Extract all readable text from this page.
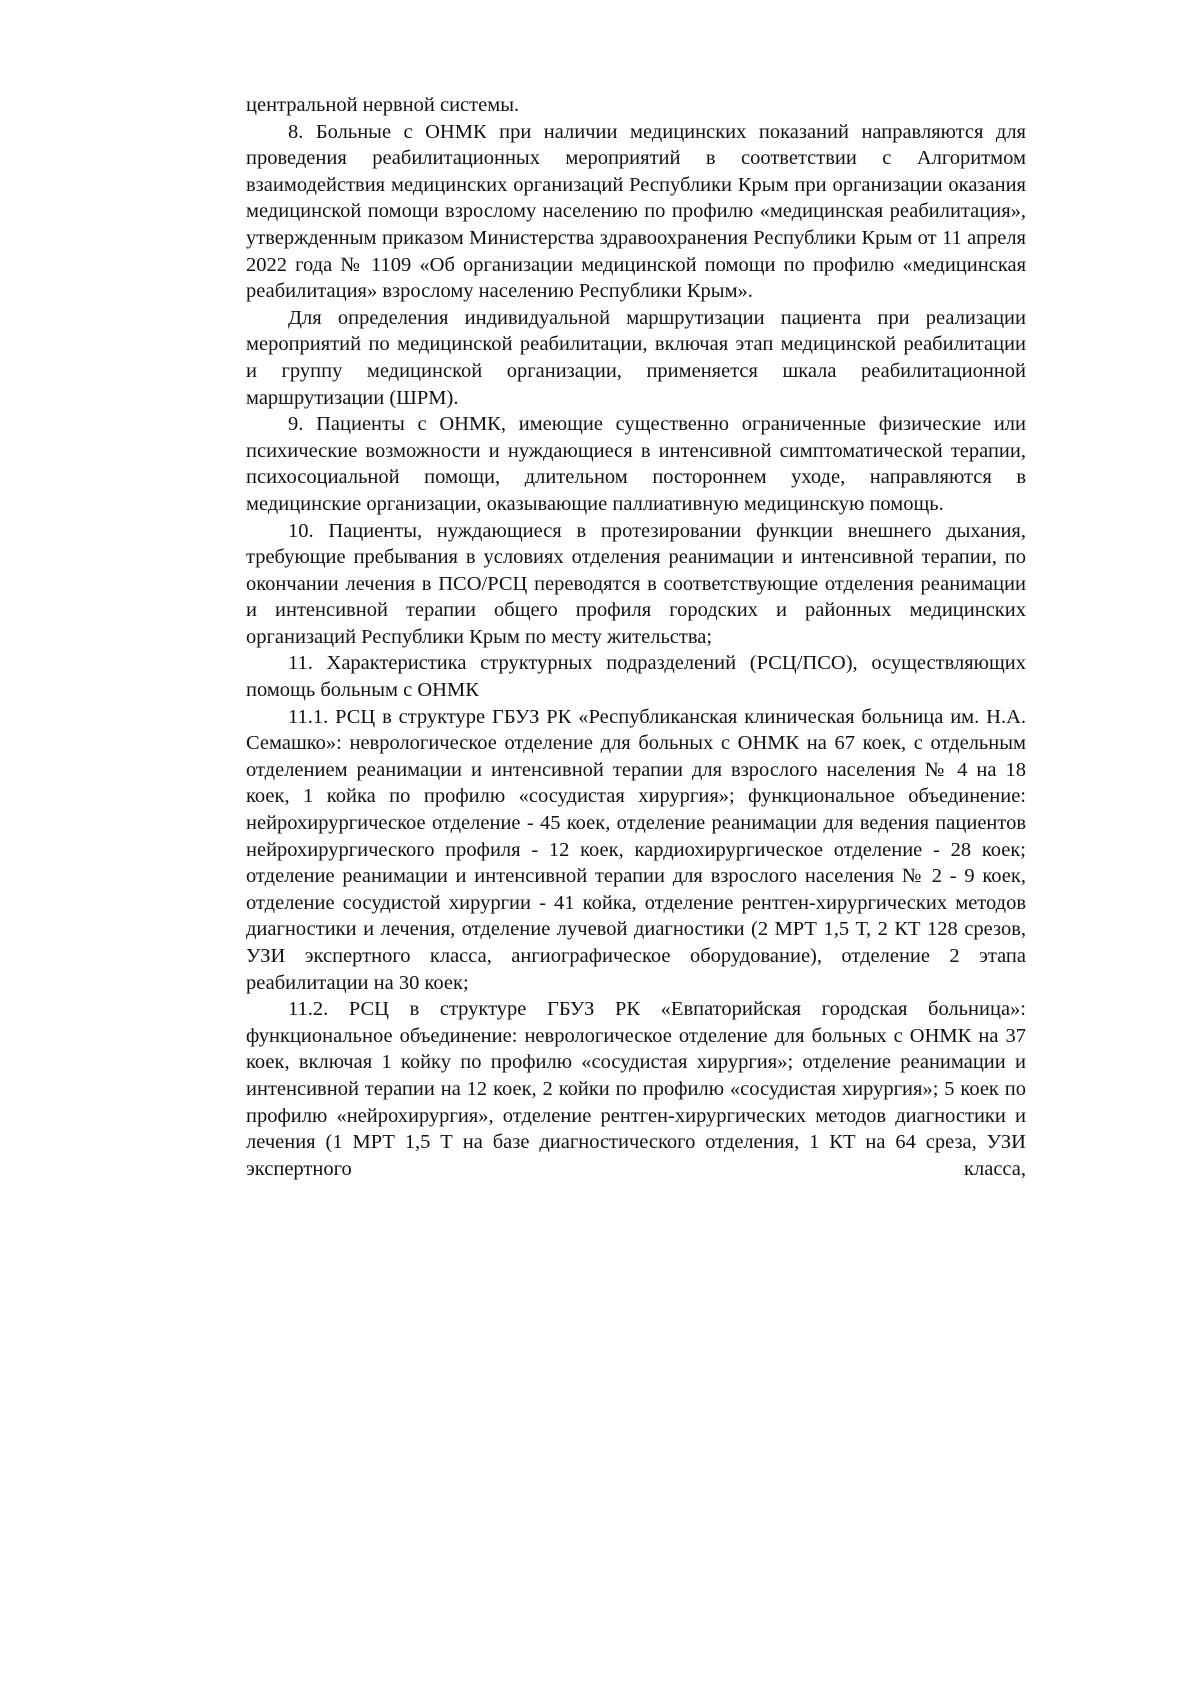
центральной нервной системы.

8. Больные с ОНМК при наличии медицинских показаний направляются для проведения реабилитационных мероприятий в соответствии с Алгоритмом взаимодействия медицинских организаций Республики Крым при организации оказания медицинской помощи взрослому населению по профилю «медицинская реабилитация», утвержденным приказом Министерства здравоохранения Республики Крым от 11 апреля 2022 года № 1109 «Об организации медицинской помощи по профилю «медицинская реабилитация» взрослому населению Республики Крым».

Для определения индивидуальной маршрутизации пациента при реализации мероприятий по медицинской реабилитации, включая этап медицинской реабилитации и группу медицинской организации, применяется шкала реабилитационной маршрутизации (ШРМ).

9. Пациенты с ОНМК, имеющие существенно ограниченные физические или психические возможности и нуждающиеся в интенсивной симптоматической терапии, психосоциальной помощи, длительном постороннем уходе, направляются в медицинские организации, оказывающие паллиативную медицинскую помощь.

10. Пациенты, нуждающиеся в протезировании функции внешнего дыхания, требующие пребывания в условиях отделения реанимации и интенсивной терапии, по окончании лечения в ПСО/РСЦ переводятся в соответствующие отделения реанимации и интенсивной терапии общего профиля городских и районных медицинских организаций Республики Крым по месту жительства;

11. Характеристика структурных подразделений (РСЦ/ПСО), осуществляющих помощь больным с ОНМК

11.1. РСЦ в структуре ГБУЗ РК «Республиканская клиническая больница им. Н.А. Семашко»: неврологическое отделение для больных с ОНМК на 67 коек, с отдельным отделением реанимации и интенсивной терапии для взрослого населения № 4 на 18 коек, 1 койка по профилю «сосудистая хирургия»; функциональное объединение: нейрохирургическое отделение - 45 коек, отделение реанимации для ведения пациентов нейрохирургического профиля - 12 коек, кардиохирургическое отделение - 28 коек; отделение реанимации и интенсивной терапии для взрослого населения № 2 - 9 коек, отделение сосудистой хирургии - 41 койка, отделение рентген-хирургических методов диагностики и лечения, отделение лучевой диагностики (2 МРТ 1,5 Т, 2 КТ 128 срезов, УЗИ экспертного класса, ангиографическое оборудование), отделение 2 этапа реабилитации на 30 коек;

11.2. РСЦ в структуре ГБУЗ РК «Евпаторийская городская больница»: функциональное объединение: неврологическое отделение для больных с ОНМК на 37 коек, включая 1 койку по профилю «сосудистая хирургия»; отделение реанимации и интенсивной терапии на 12 коек, 2 койки по профилю «сосудистая хирургия»; 5 коек по профилю «нейрохирургия», отделение рентген-хирургических методов диагностики и лечения (1 МРТ 1,5 Т на базе диагностического отделения, 1 КТ на 64 среза, УЗИ экспертного класса,
